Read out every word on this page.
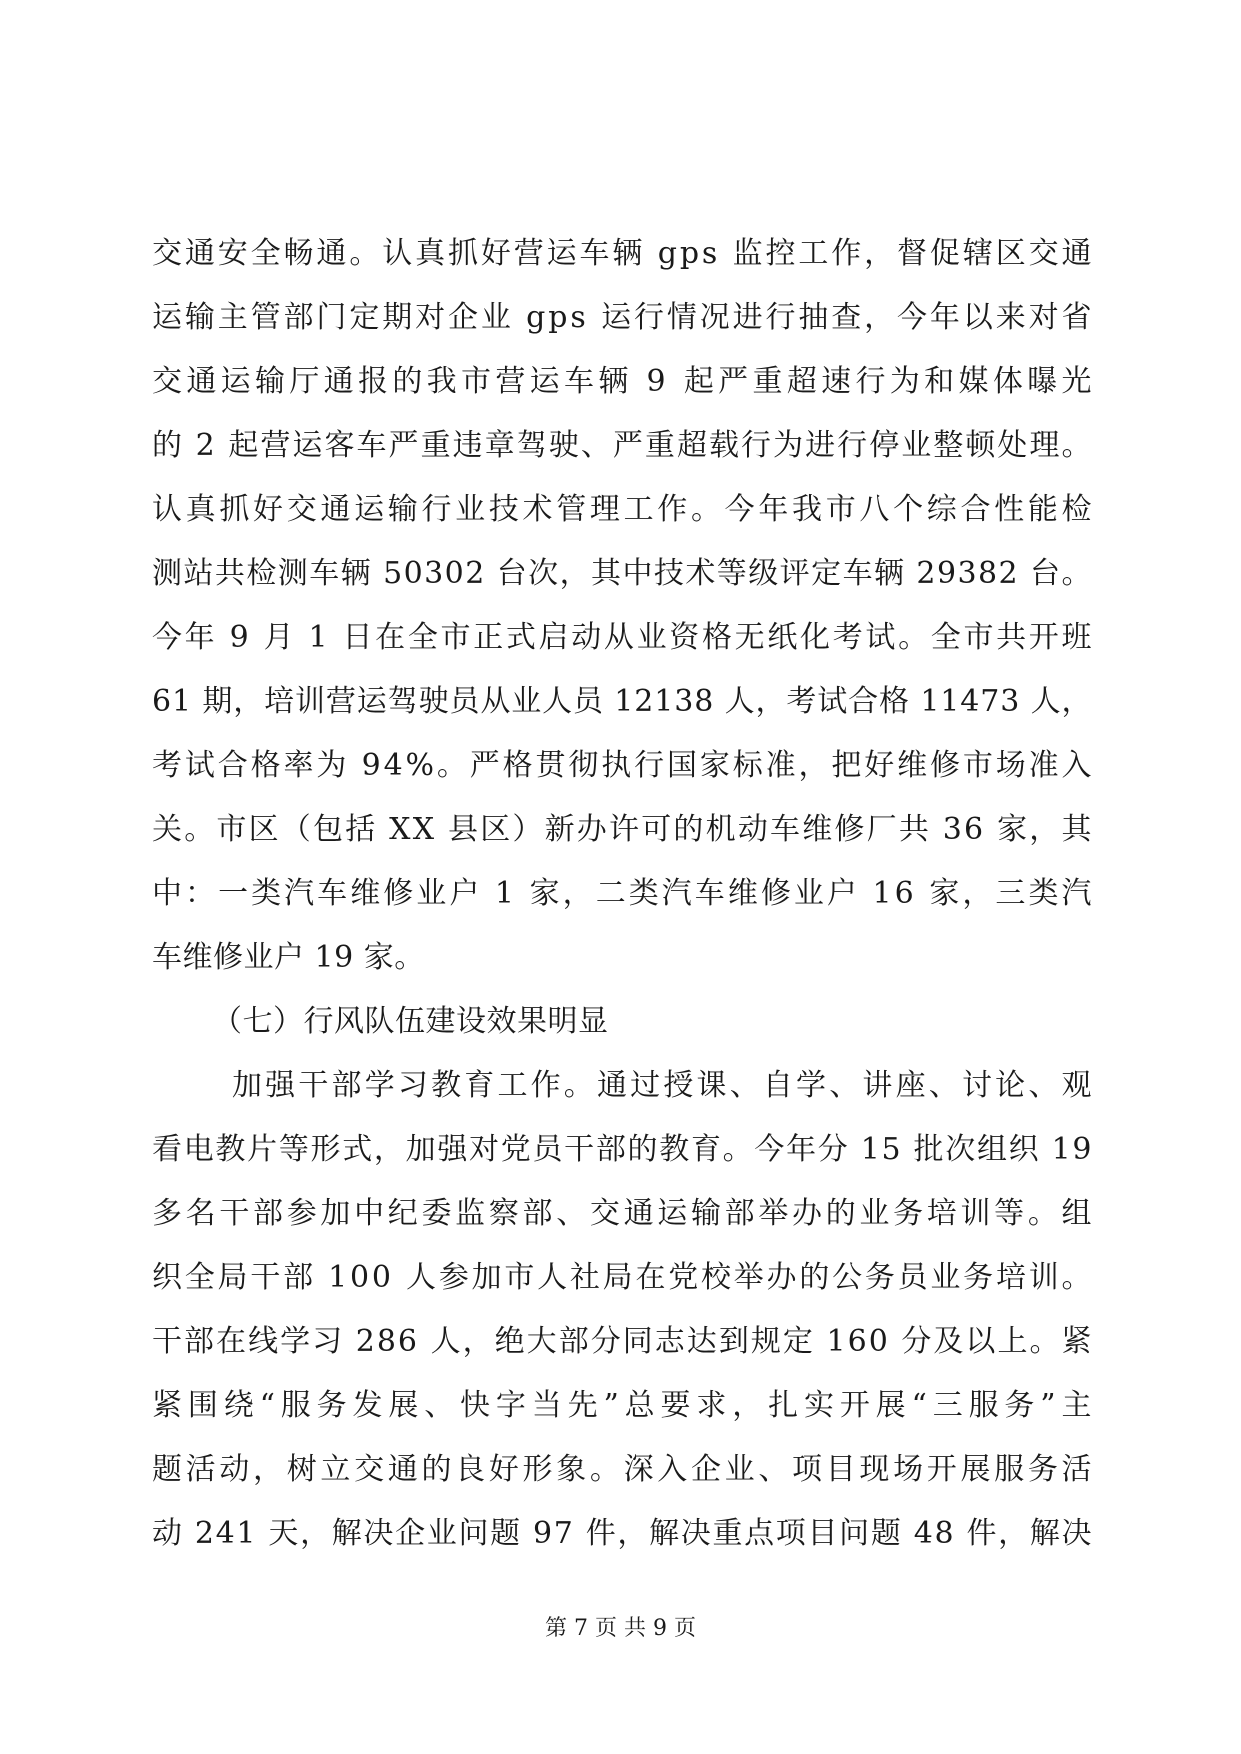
交通安全畅通。认真抓好营运车辆 gps 监控工作，督促辖区交通
运输主管部门定期对企业 gps 运行情况进行抽查，今年以来对省
交通运输厅通报的我市营运车辆 9 起严重超速行为和媒体曝光
的 2 起营运客车严重违章驾驶、严重超载行为进行停业整顿处理。
认真抓好交通运输行业技术管理工作。今年我市八个综合性能检
测站共检测车辆 50302 台次，其中技术等级评定车辆 29382 台。
今年 9 月 1 日在全市正式启动从业资格无纸化考试。全市共开班
61 期，培训营运驾驶员从业人员 12138 人，考试合格 11473 人，
考试合格率为 94%。严格贯彻执行国家标准，把好维修市场准入
关。市区（包括 XX 县区）新办许可的机动车维修厂共 36 家，其
中：一类汽车维修业户 1 家，二类汽车维修业户 16 家，三类汽
车维修业户 19 家。
（七）行风队伍建设效果明显
加强干部学习教育工作。通过授课、自学、讲座、讨论、观
看电教片等形式，加强对党员干部的教育。今年分 15 批次组织 19
多名干部参加中纪委监察部、交通运输部举办的业务培训等。组
织全局干部 100 人参加市人社局在党校举办的公务员业务培训。
干部在线学习 286 人，绝大部分同志达到规定 160 分及以上。紧
紧围绕“服务发展、快字当先”总要求，扎实开展“三服务”主
题活动，树立交通的良好形象。深入企业、项目现场开展服务活
动 241 天，解决企业问题 97 件，解决重点项目问题 48 件，解决
第 7 页 共 9 页
